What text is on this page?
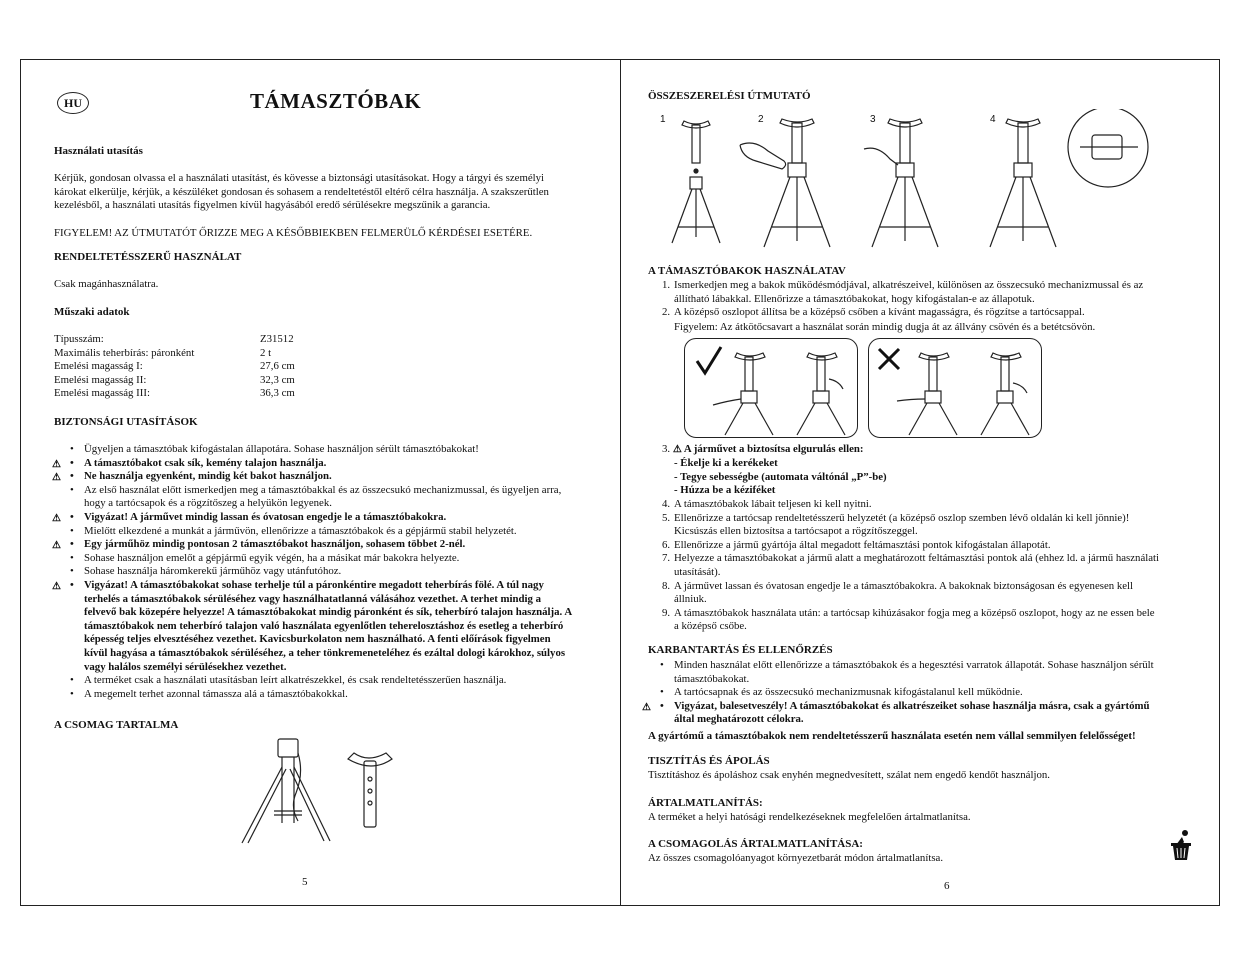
HU	TÁMASZTÓBAK
Használati utasítás
Kérjük, gondosan olvassa el a használati utasítást, és kövesse a biztonsági utasításokat. Hogy a tárgyi és személyi károkat elkerülje, kérjük, a készüléket gondosan és sohasem a rendeltetéstől eltérő célra használja. A szakszerűtlen kezelésből, a használati utasítás figyelmen kívül hagyásából eredő sérülésekre megszűnik a garancia.
FIGYELEM! AZ ÚTMUTATÓT ŐRIZZE MEG A KÉSŐBBIEKBEN FELMERÜLŐ KÉRDÉSEI ESETÉRE.
RENDELTETÉSSZERŰ HASZNÁLAT
Csak magánhasználatra.
Műszaki adatok
Típusszám:	Z31512
Maximális teherbírás: páronként	2 t
Emelési magasság I:	27,6 cm
Emelési magasság II:	32,3 cm
Emelési magasság III:	36,3 cm
BIZTONSÁGI UTASÍTÁSOK
• Ügyeljen a támasztóbak kifogástalan állapotára. Sohase használjon sérült támasztóbakokat!
⚠ • A támasztóbakot csak sík, kemény talajon használja.
⚠ • Ne használja egyenként, mindig két bakot használjon.
• Az első használat előtt ismerkedjen meg a támasztóbakkal és az összecsukó mechanizmussal, és ügyeljen arra, hogy a tartócsapok és a rögzítőszeg a helyükön legyenek.
⚠ • Vigyázat! A járművet mindig lassan és óvatosan engedje le a támasztóbakokra.
• Mielőtt elkezdené a munkát a járművön, ellenőrizze a támasztóbakok és a gépjármű stabil helyzetét.
⚠ • Egy járműhöz mindig pontosan 2 támasztóbakot használjon, sohasem többet 2-nél.
• Sohase használjon emelőt a gépjármű egyik végén, ha a másikat már bakokra helyezte.
• Sohase használja háromkerekű járműhöz vagy utánfutóhoz.
⚠ • Vigyázat! A támasztóbakokat sohase terhelje túl a páronkéntire megadott teherbírás fölé. A túl nagy terhelés a támasztóbakok sérüléséhez vagy használhatatlanná válásához vezethet. A terhet mindig a felvevő bak közepére helyezze! A támasztóbakokat mindig páronként és sík, teherbíró talajon használja. A támasztóbakok nem teherbíró talajon való használata egyenlőtlen teherelosztáshoz és esetleg a teherbíró képesség teljes elvesztéséhez vezethet. Kavicsburkolaton nem használható. A fenti előírások figyelmen kívül hagyása a támasztóbakok sérüléséhez, a teher tönkremeneteléhez és ezáltal dologi károkhoz, súlyos vagy halálos személyi sérülésekhez vezethet.
• A terméket csak a használati utasításban leírt alkatrészekkel, és csak rendeltetésszerűen használja.
• A megemelt terhet azonnal támassza alá a támasztóbakokkal.
A CSOMAG TARTALMA
5
ÖSSZESZERELÉSI ÚTMUTATÓ
1	2	3	4
A TÁMASZTÓBAKOK HASZNÁLATAV
1. Ismerkedjen meg a bakok működésmódjával, alkatrészeivel, különösen az összecsukó mechanizmussal és az állítható lábakkal. Ellenőrizze a támasztóbakokat, hogy kifogástalan-e az állapotuk.
2. A középső oszlopot állítsa be a középső csőben a kívánt magasságra, és rögzítse a tartócsappal.
Figyelem: Az átkötőcsavart a használat során mindig dugja át az állvány csövén és a betétcsövön.
3. ⚠ A járművet a biztosítsa elgurulás ellen:
- Ékelje ki a kerékeket
- Tegye sebességbe (automata váltónál „P”-be)
- Húzza be a kéziféket
4. A támasztóbakok lábait teljesen ki kell nyitni.
5. Ellenőrizze a tartócsap rendeltetésszerű helyzetét (a középső oszlop szemben lévő oldalán ki kell jönnie)! Kicsúszás ellen biztosítsa a tartócsapot a rögzítőszeggel.
6. Ellenőrizze a jármű gyártója által megadott feltámasztási pontok kifogástalan állapotát.
7. Helyezze a támasztóbakokat a jármű alatt a meghatározott feltámasztási pontok alá (ehhez ld. a jármű használati utasítását).
8. A járművet lassan és óvatosan engedje le a támasztóbakokra. A bakoknak biztonságosan és egyenesen kell állniuk.
9. A támasztóbakok használata után: a tartócsap kihúzásakor fogja meg a középső oszlopot, hogy az ne essen bele a középső csőbe.
KARBANTARTÁS ÉS ELLENŐRZÉS
• Minden használat előtt ellenőrizze a támasztóbakok és a hegesztési varratok állapotát. Sohase használjon sérült támasztóbakokat.
• A tartócsapnak és az összecsukó mechanizmusnak kifogástalanul kell működnie.
⚠ • Vigyázat, balesetveszély! A támasztóbakokat és alkatrészeiket sohase használja másra, csak a gyártómű által meghatározott célokra.
A gyártómű a támasztóbakok nem rendeltetésszerű használata esetén nem vállal semmilyen felelősséget!
TISZTÍTÁS ÉS ÁPOLÁS
Tisztításhoz és ápoláshoz csak enyhén megnedvesített, szálat nem engedő kendőt használjon.
ÁRTALMATLANÍTÁS:
A terméket a helyi hatósági rendelkezéseknek megfelelően ártalmatlanítsa.
A CSOMAGOLÁS ÁRTALMATLANÍTÁSA:
Az összes csomagolóanyagot környezetbarát módon ártalmatlanítsa.
6
